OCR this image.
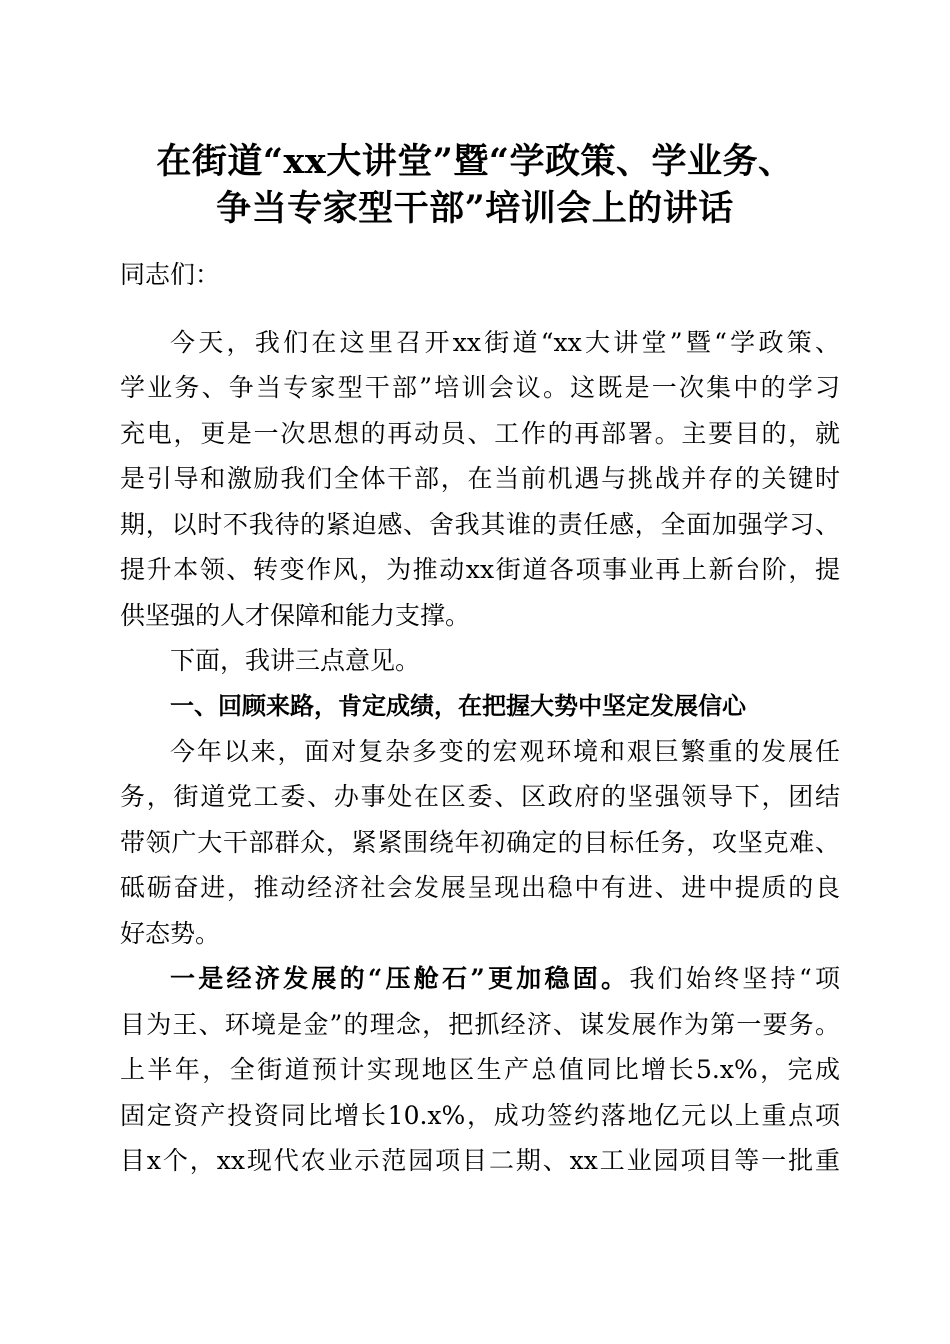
在街道“xx大讲堂”暨“学政策、学业务、
争当专家型干部”培训会上的讲话
同志们：
今天，我们在这里召开xx街道“xx大讲堂”暨“学政策、
学业务、争当专家型干部”培训会议。这既是一次集中的学习
充电，更是一次思想的再动员、工作的再部署。主要目的，就
是引导和激励我们全体干部，在当前机遇与挑战并存的关键时
期，以时不我待的紧迫感、舍我其谁的责任感，全面加强学习、
提升本领、转变作风，为推动xx街道各项事业再上新台阶，提
供坚强的人才保障和能力支撑。
下面，我讲三点意见。
一、回顾来路，肯定成绩，在把握大势中坚定发展信心
今年以来，面对复杂多变的宏观环境和艰巨繁重的发展任
务，街道党工委、办事处在区委、区政府的坚强领导下，团结
带领广大干部群众，紧紧围绕年初确定的目标任务，攻坚克难、
砥砺奋进，推动经济社会发展呈现出稳中有进、进中提质的良
好态势。
一是经济发展的“压舱石”更加稳固。我们始终坚持“项
目为王、环境是金”的理念，把抓经济、谋发展作为第一要务。
上半年，全街道预计实现地区生产总值同比增长5.x%，完成
固定资产投资同比增长10.x%，成功签约落地亿元以上重点项
目x个，xx现代农业示范园项目二期、xx工业园项目等一批重
